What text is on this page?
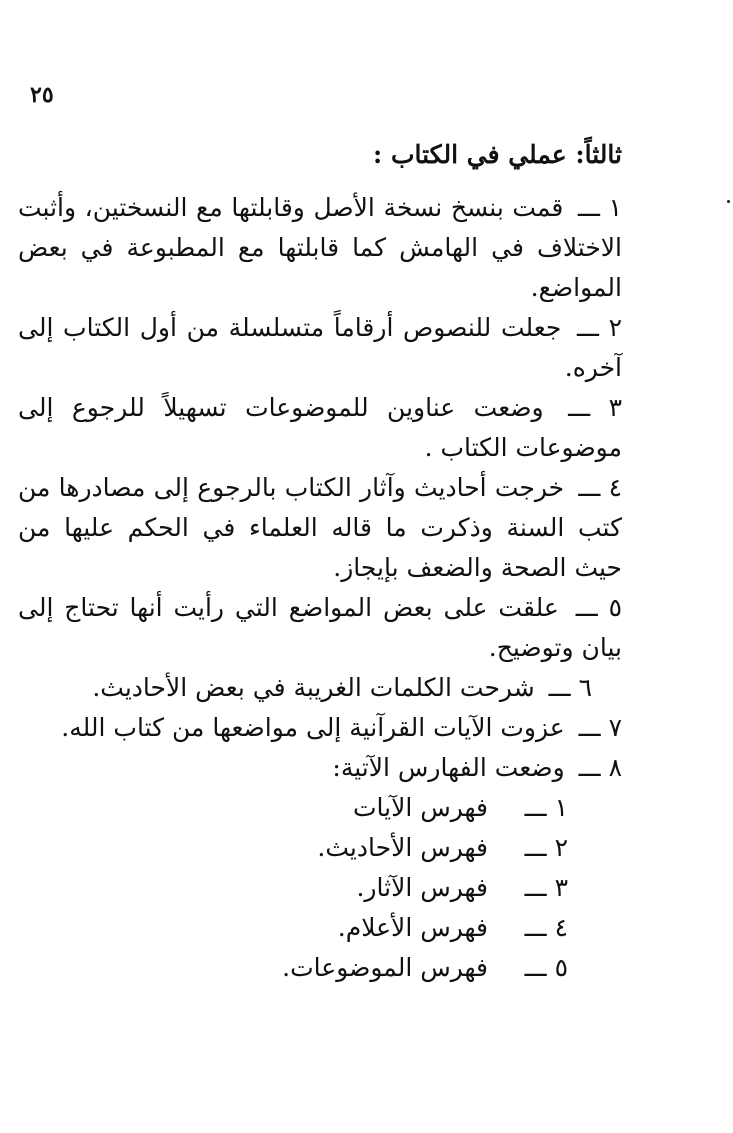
٢٥
ثالثاً: عملي في الكتاب :

١ ـــ قمت بنسخ نسخة الأصل وقابلتها مع النسختين، وأثبت الاختلاف في الهامش كما قابلتها مع المطبوعة في بعض المواضع.

٢ ـــ جعلت للنصوص أرقاماً متسلسلة من أول الكتاب إلى آخره.

٣ ـــ وضعت عناوين للموضوعات تسهيلاً للرجوع إلى موضوعات الكتاب .

٤ ـــ خرجت أحاديث وآثار الكتاب بالرجوع إلى مصادرها من كتب السنة وذكرت ما قاله العلماء في الحكم عليها من حيث الصحة والضعف بإيجاز.

٥ ـــ علقت على بعض المواضع التي رأيت أنها تحتاج إلى بيان وتوضيح.

٦ ـــ شرحت الكلمات الغريبة في بعض الأحاديث.

٧ ـــ عزوت الآيات القرآنية إلى مواضعها من كتاب الله.

٨ ـــ وضعت الفهارس الآتية:

١ ـــفهرس الآيات
٢ ـــفهرس الأحاديث.
٣ ـــفهرس الآثار.
٤ ـــفهرس الأعلام.
٥ ـــفهرس الموضوعات.
